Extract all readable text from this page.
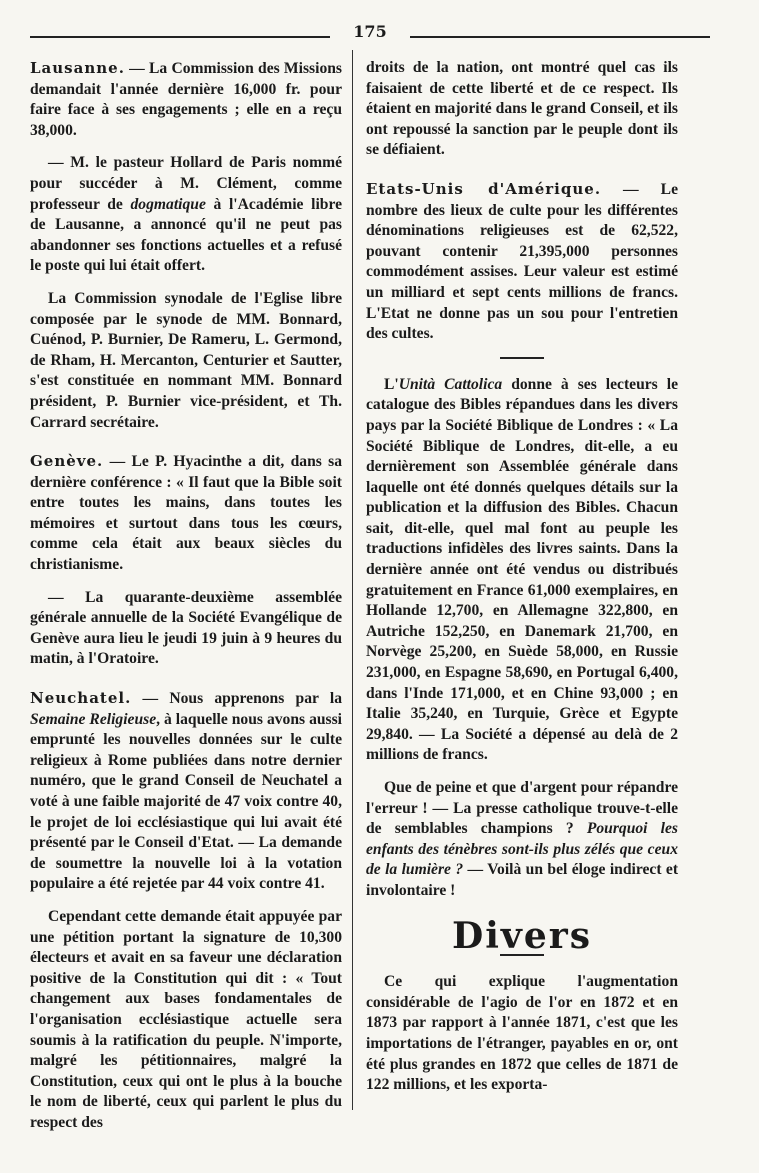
175

Lausanne. — La Commission des Missions demandait l'année dernière 16,000 fr. pour faire face à ses engagements ; elle en a reçu 38,000.

— M. le pasteur Hollard de Paris nommé pour succéder à M. Clément, comme professeur de dogmatique à l'Académie libre de Lausanne, a annoncé qu'il ne peut pas abandonner ses fonctions actuelles et a refusé le poste qui lui était offert.

La Commission synodale de l'Eglise libre composée par le synode de MM. Bonnard, Cuénod, P. Burnier, De Rameru, L. Germond, de Rham, H. Mercanton, Centurier et Sautter, s'est constituée en nommant MM. Bonnard président, P. Burnier vice-président, et Th. Carrard secrétaire.

Genève. — Le P. Hyacinthe a dit, dans sa dernière conférence : « Il faut que la Bible soit entre toutes les mains, dans toutes les mémoires et surtout dans tous les cœurs, comme cela était aux beaux siècles du christianisme.

— La quarante-deuxième assemblée générale annuelle de la Société Evangélique de Genève aura lieu le jeudi 19 juin à 9 heures du matin, à l'Oratoire.

Neuchatel. — Nous apprenons par la Semaine Religieuse, à laquelle nous avons aussi emprunté les nouvelles données sur le culte religieux à Rome publiées dans notre dernier numéro, que le grand Conseil de Neuchatel a voté à une faible majorité de 47 voix contre 40, le projet de loi ecclésiastique qui lui avait été présenté par le Conseil d'Etat. — La demande de soumettre la nouvelle loi à la votation populaire a été rejetée par 44 voix contre 41.

Cependant cette demande était appuyée par une pétition portant la signature de 10,300 électeurs et avait en sa faveur une déclaration positive de la Constitution qui dit : « Tout changement aux bases fondamentales de l'organisation ecclésiastique actuelle sera soumis à la ratification du peuple. N'importe, malgré les pétitionnaires, malgré la Constitution, ceux qui ont le plus à la bouche le nom de liberté, ceux qui parlent le plus du respect des

droits de la nation, ont montré quel cas ils faisaient de cette liberté et de ce respect. Ils étaient en majorité dans le grand Conseil, et ils ont repoussé la sanction par le peuple dont ils se défiaient.

Etats-Unis d'Amérique. — Le nombre des lieux de culte pour les différentes dénominations religieuses est de 62,522, pouvant contenir 21,395,000 personnes commodément assises. Leur valeur est estimé un milliard et sept cents millions de francs. L'Etat ne donne pas un sou pour l'entretien des cultes.

L'Unità Cattolica donne à ses lecteurs le catalogue des Bibles répandues dans les divers pays par la Société Biblique de Londres : « La Société Biblique de Londres, dit-elle, a eu dernièrement son Assemblée générale dans laquelle ont été donnés quelques détails sur la publication et la diffusion des Bibles. Chacun sait, dit-elle, quel mal font au peuple les traductions infidèles des livres saints. Dans la dernière année ont été vendus ou distribués gratuitement en France 61,000 exemplaires, en Hollande 12,700, en Allemagne 322,800, en Autriche 152,250, en Danemark 21,700, en Norvège 25,200, en Suède 58,000, en Russie 231,000, en Espagne 58,690, en Portugal 6,400, dans l'Inde 171,000, et en Chine 93,000 ; en Italie 35,240, en Turquie, Grèce et Egypte 29,840. — La Société a dépensé au delà de 2 millions de francs.

Que de peine et que d'argent pour répandre l'erreur ! — La presse catholique trouve-t-elle de semblables champions ? Pourquoi les enfants des ténèbres sont-ils plus zélés que ceux de la lumière ? — Voilà un bel éloge indirect et involontaire !

Divers

Ce qui explique l'augmentation considérable de l'agio de l'or en 1872 et en 1873 par rapport à l'année 1871, c'est que les importations de l'étranger, payables en or, ont été plus grandes en 1872 que celles de 1871 de 122 millions, et les exporta-
